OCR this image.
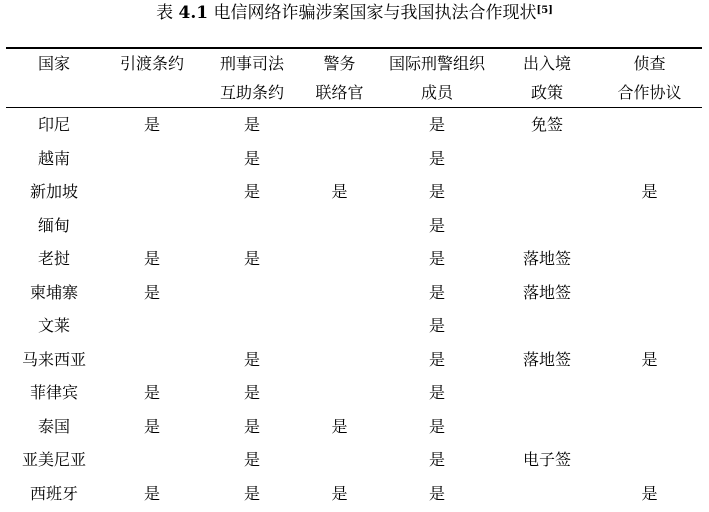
表 4.1 电信网络诈骗涉案国家与我国执法合作现状[5]
国家	引渡条约	刑事司法	警务	国际刑警组织	出入境	侦查
		互助条约	联络官	成员	政策	合作协议
印尼	是	是		是	免签	
越南		是		是		
新加坡		是	是	是		是
缅甸				是		
老挝	是	是		是	落地签	
柬埔寨	是			是	落地签	
文莱				是		
马来西亚		是		是	落地签	是
菲律宾	是	是		是		
泰国	是	是	是	是		
亚美尼亚		是		是	电子签	
西班牙	是	是	是	是		是
